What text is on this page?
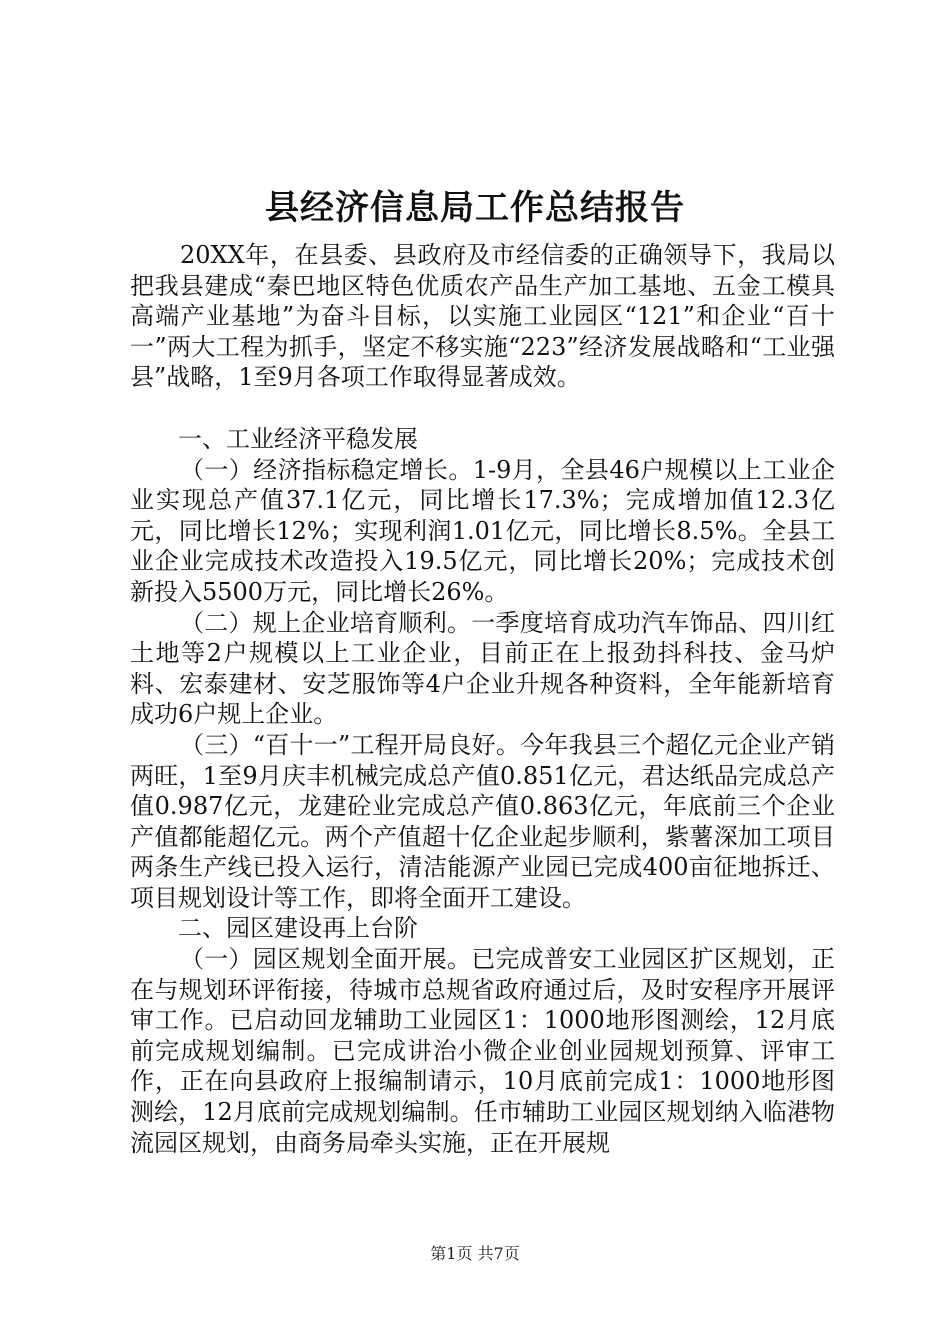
县经济信息局工作总结报告

20XX年，在县委、县政府及市经信委的正确领导下，我局以把我县建成“秦巴地区特色优质农产品生产加工基地、五金工模具高端产业基地”为奋斗目标，以实施工业园区“121”和企业“百十一”两大工程为抓手，坚定不移实施“223”经济发展战略和“工业强县”战略，1至9月各项工作取得显著成效。

一、工业经济平稳发展

（一）经济指标稳定增长。1-9月，全县46户规模以上工业企业实现总产值37.1亿元，同比增长17.3%；完成增加值12.3亿元，同比增长12%；实现利润1.01亿元，同比增长8.5%。全县工业企业完成技术改造投入19.5亿元，同比增长20%；完成技术创新投入5500万元，同比增长26%。

（二）规上企业培育顺利。一季度培育成功汽车饰品、四川红土地等2户规模以上工业企业，目前正在上报劲抖科技、金马炉料、宏泰建材、安芝服饰等4户企业升规各种资料，全年能新培育成功6户规上企业。

（三）“百十一”工程开局良好。今年我县三个超亿元企业产销两旺，1至9月庆丰机械完成总产值0.851亿元，君达纸品完成总产值0.987亿元，龙建砼业完成总产值0.863亿元，年底前三个企业产值都能超亿元。两个产值超十亿企业起步顺利，紫薯深加工项目两条生产线已投入运行，清洁能源产业园已完成400亩征地拆迁、项目规划设计等工作，即将全面开工建设。

二、园区建设再上台阶

（一）园区规划全面开展。已完成普安工业园区扩区规划，正在与规划环评衔接，待城市总规省政府通过后，及时安程序开展评审工作。已启动回龙辅助工业园区1：1000地形图测绘，12月底前完成规划编制。已完成讲治小微企业创业园规划预算、评审工作，正在向县政府上报编制请示，10月底前完成1：1000地形图测绘，12月底前完成规划编制。任市辅助工业园区规划纳入临港物流园区规划，由商务局牵头实施，正在开展规

第1页 共7页
